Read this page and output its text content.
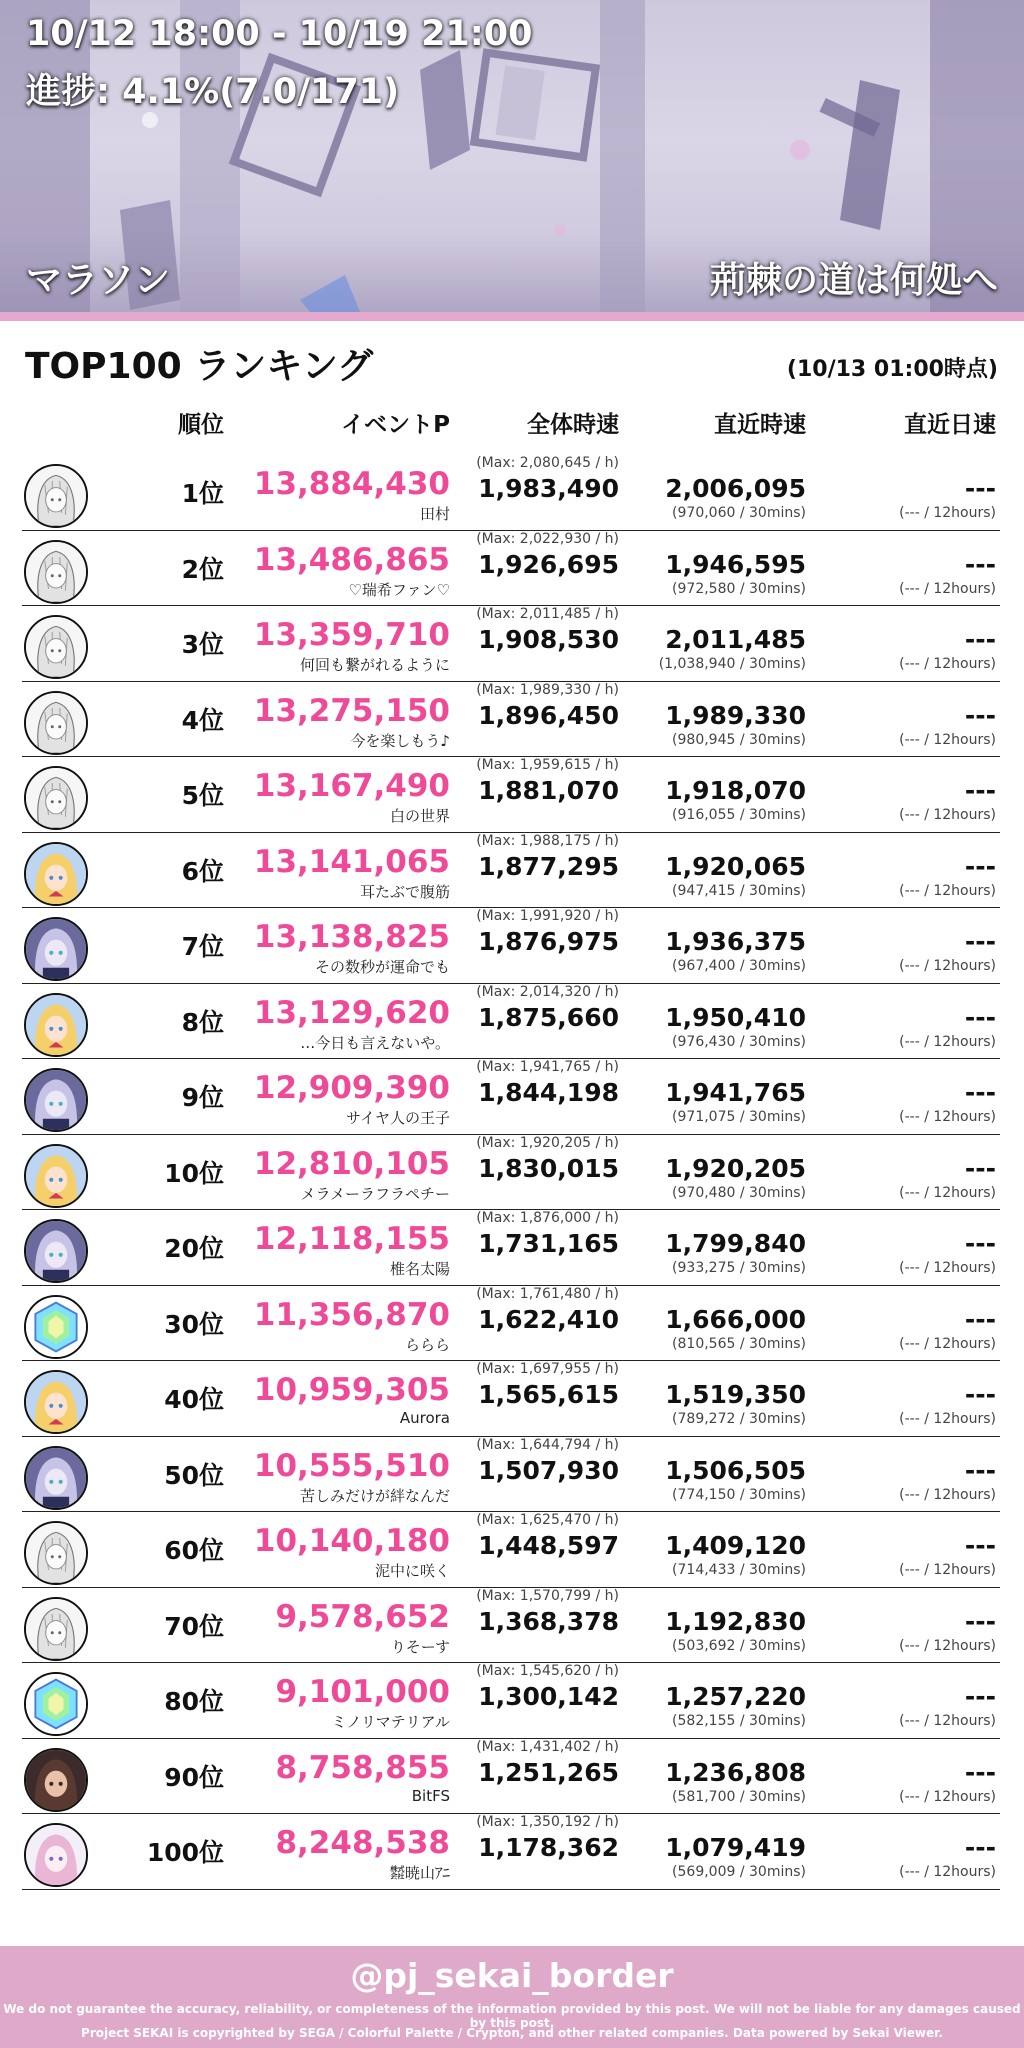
10/12 18:00 - 10/19 21:00
進捗: 4.1%(7.0/171)
マラソン	荊棘の道は何処へ
TOP100 ランキング	(10/13 01:00時点)
順位	イベントP	全体時速	直近時速	直近日速
1位 13,884,430
田村
(Max: 2,080,645 / h)
1,983,490 2,006,095
(970,060 / 30mins)
---
(--- / 12hours)
2位 13,486,865
♡瑞希ファン♡
(Max: 2,022,930 / h)
1,926,695 1,946,595
(972,580 / 30mins)
---
(--- / 12hours)
3位 13,359,710
何回も繋がれるように
(Max: 2,011,485 / h)
1,908,530 2,011,485
(1,038,940 / 30mins)
---
(--- / 12hours)
4位 13,275,150
今を楽しもう♪
(Max: 1,989,330 / h)
1,896,450 1,989,330
(980,945 / 30mins)
---
(--- / 12hours)
5位 13,167,490
白の世界
(Max: 1,959,615 / h)
1,881,070 1,918,070
(916,055 / 30mins)
---
(--- / 12hours)
6位 13,141,065
耳たぶで腹筋
(Max: 1,988,175 / h)
1,877,295 1,920,065
(947,415 / 30mins)
---
(--- / 12hours)
7位 13,138,825
その数秒が運命でも
(Max: 1,991,920 / h)
1,876,975 1,936,375
(967,400 / 30mins)
---
(--- / 12hours)
8位 13,129,620
…今日も言えないや。
(Max: 2,014,320 / h)
1,875,660 1,950,410
(976,430 / 30mins)
---
(--- / 12hours)
9位 12,909,390
サイヤ人の王子
(Max: 1,941,765 / h)
1,844,198 1,941,765
(971,075 / 30mins)
---
(--- / 12hours)
10位 12,810,105
メラメーラフラペチー
(Max: 1,920,205 / h)
1,830,015 1,920,205
(970,480 / 30mins)
---
(--- / 12hours)
20位 12,118,155
椎名太陽
(Max: 1,876,000 / h)
1,731,165 1,799,840
(933,275 / 30mins)
---
(--- / 12hours)
30位 11,356,870
ららら
(Max: 1,761,480 / h)
1,622,410 1,666,000
(810,565 / 30mins)
---
(--- / 12hours)
40位 10,959,305
Aurora
(Max: 1,697,955 / h)
1,565,615 1,519,350
(789,272 / 30mins)
---
(--- / 12hours)
50位 10,555,510
苦しみだけが絆なんだ
(Max: 1,644,794 / h)
1,507,930 1,506,505
(774,150 / 30mins)
---
(--- / 12hours)
60位 10,140,180
泥中に咲く
(Max: 1,625,470 / h)
1,448,597 1,409,120
(714,433 / 30mins)
---
(--- / 12hours)
70位 9,578,652
りそーす
(Max: 1,570,799 / h)
1,368,378 1,192,830
(503,692 / 30mins)
---
(--- / 12hours)
80位 9,101,000
ミノリマテリアル
(Max: 1,545,620 / h)
1,300,142 1,257,220
(582,155 / 30mins)
---
(--- / 12hours)
90位 8,758,855
BitFS
(Max: 1,431,402 / h)
1,251,265 1,236,808
(581,700 / 30mins)
---
(--- / 12hours)
100位 8,248,538
㍿暁山ｱﾆ
(Max: 1,350,192 / h)
1,178,362 1,079,419
(569,009 / 30mins)
---
(--- / 12hours)
@pj_sekai_border
We do not guarantee the accuracy, reliability, or completeness of the information provided by this post. We will not be liable for any damages caused by this post.
Project SEKAI is copyrighted by SEGA / Colorful Palette / Crypton, and other related companies. Data powered by Sekai Viewer.
